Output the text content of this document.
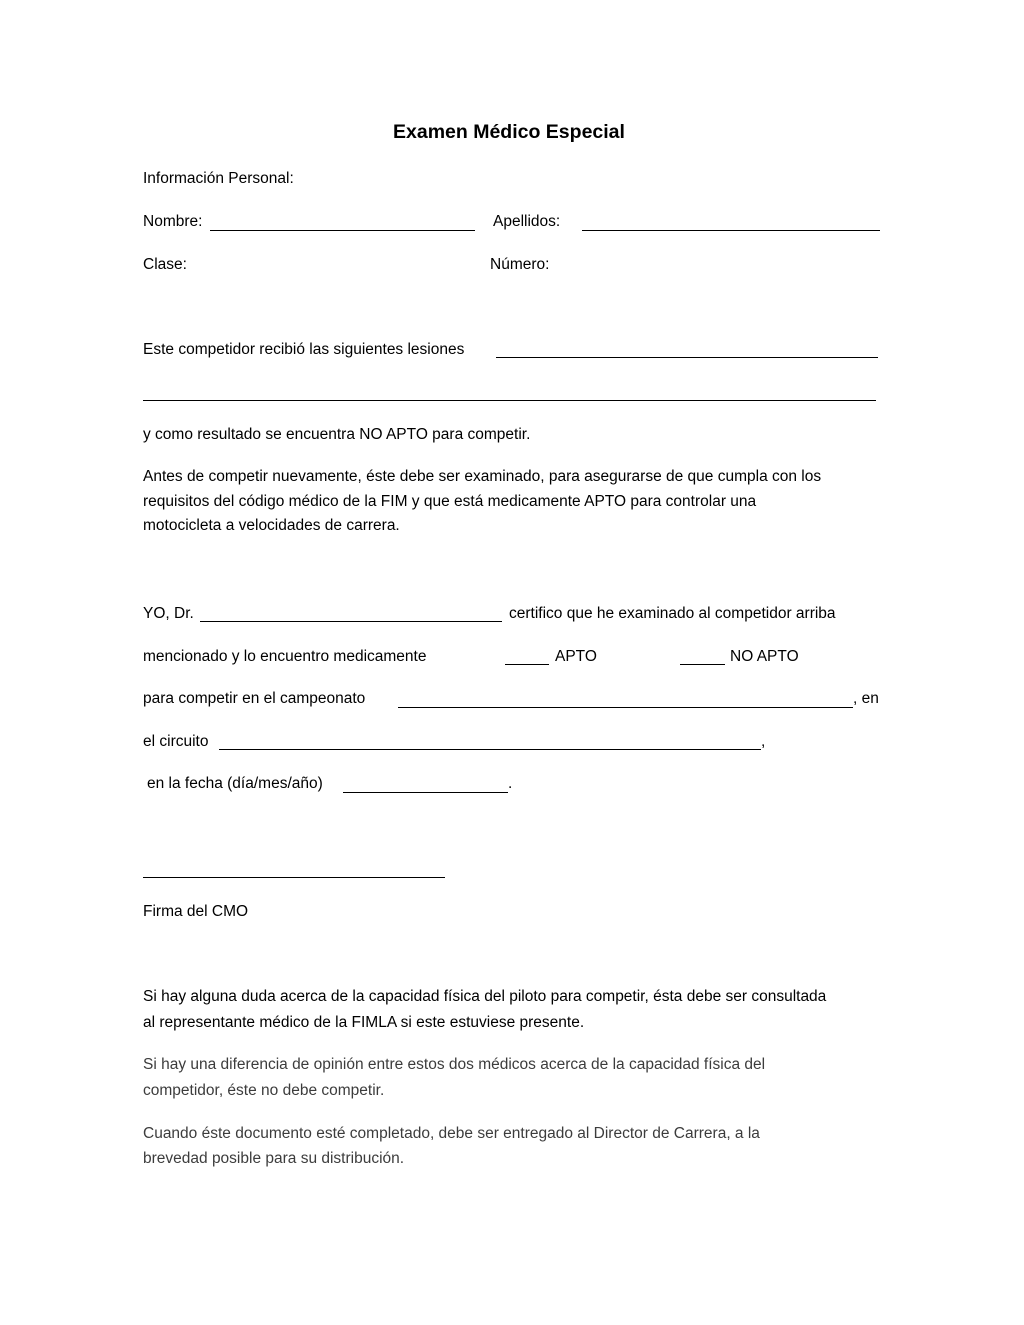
Examen Médico Especial
Información Personal:
Nombre:	Apellidos:
Clase:	Número:
Este competidor recibió las siguientes lesiones
y como resultado se encuentra NO APTO para competir.
Antes de competir nuevamente, éste debe ser examinado, para asegurarse de que cumpla con los
requisitos del código médico de la FIM y que está medicamente APTO para controlar una
motocicleta a velocidades de carrera.
YO, Dr.	certifico que he examinado al competidor arriba
mencionado y lo encuentro medicamente	APTO	NO APTO
para competir en el campeonato	, en
el circuito	,
en la fecha (día/mes/año)	.
Firma del CMO
Si hay alguna duda acerca de la capacidad física del piloto para competir, ésta debe ser consultada
al representante médico de la FIMLA si este estuviese presente.
Si hay una diferencia de opinión entre estos dos médicos acerca de la capacidad física del
competidor, éste no debe competir.
Cuando éste documento esté completado, debe ser entregado al Director de Carrera, a la
brevedad posible para su distribución.
